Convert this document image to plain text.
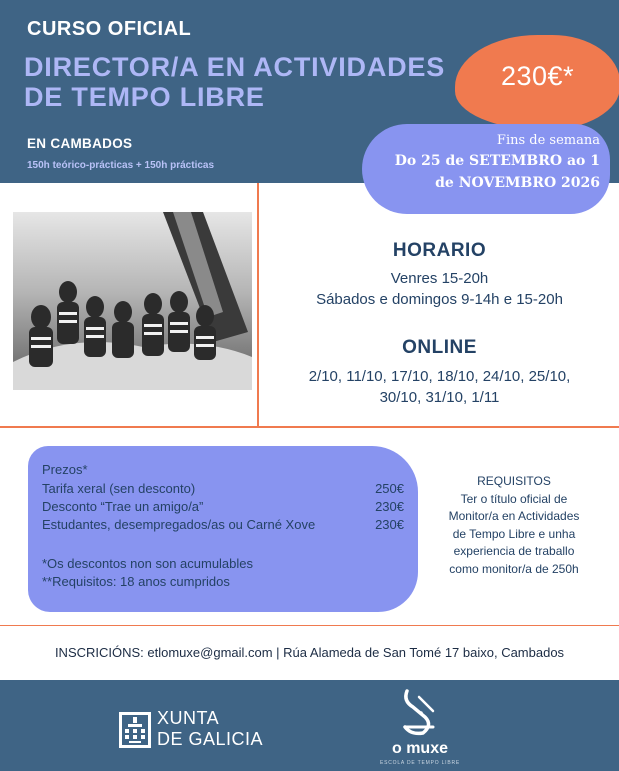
CURSO OFICIAL
DIRECTOR/A EN ACTIVIDADES
DE TEMPO LIBRE
EN CAMBADOS
150h teórico-prácticas + 150h prácticas
230€*
Fins de semana
Do 25 de SETEMBRO ao 1
de NOVEMBRO 2026
HORARIO
Venres 15-20h
Sábados e domingos 9-14h e 15-20h
ONLINE
2/10, 11/10, 17/10, 18/10, 24/10, 25/10,
30/10, 31/10, 1/11
Prezos*
Tarifa xeral (sen desconto)	250€
Desconto “Trae un amigo/a”	230€
Estudantes, desempregados/as ou Carné Xove	230€
*Os descontos non son acumulables
**Requisitos: 18 anos cumpridos
REQUISITOS
Ter o título oficial de
Monitor/a en Actividades
de Tempo Libre e unha
experiencia de traballo
como monitor/a de 250h
INSCRICIÓNS: etlomuxe@gmail.com | Rúa Alameda de San Tomé 17 baixo, Cambados
XUNTA
DE GALICIA	o muxe
ESCOLA DE TEMPO LIBRE
